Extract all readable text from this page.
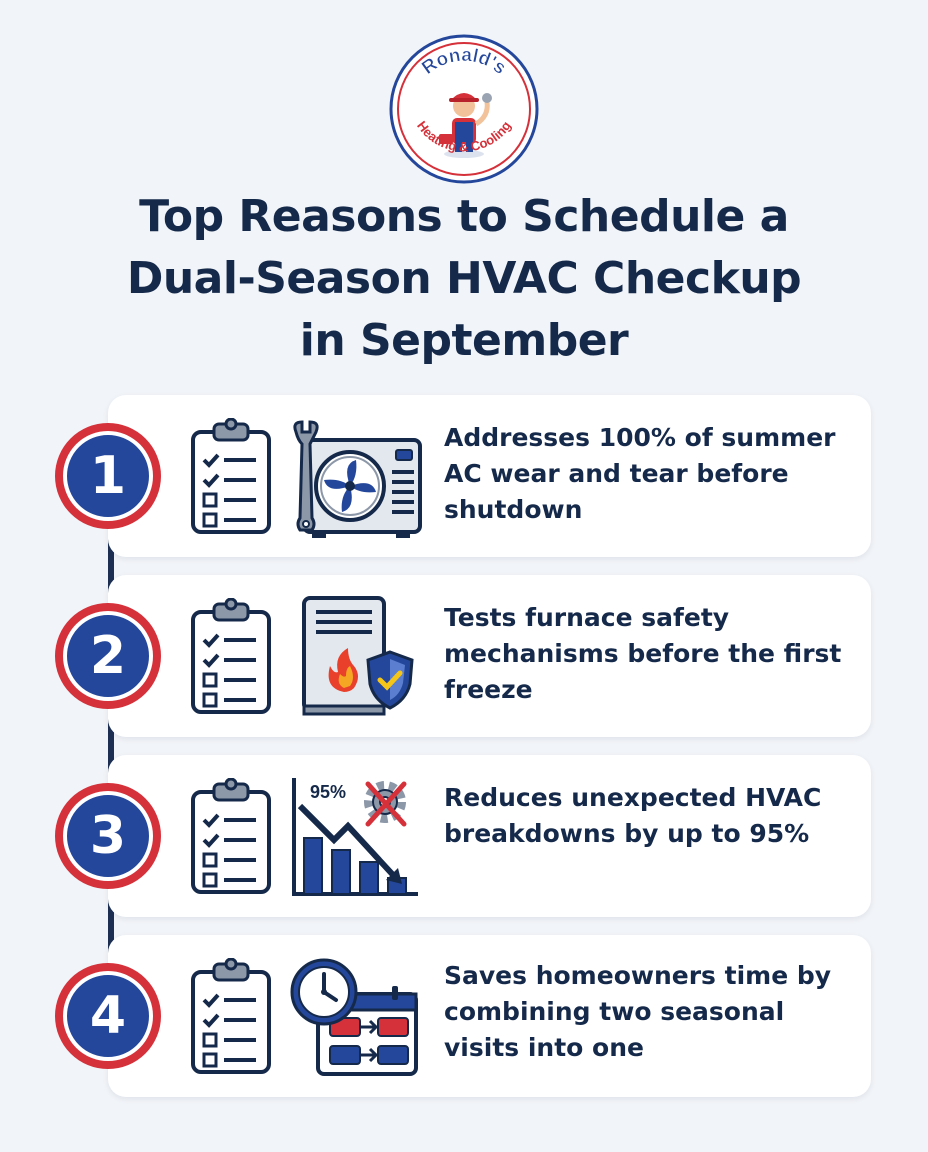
Ronald's
Heating & Cooling
Top Reasons to Schedule a
Dual-Season HVAC Checkup
in September
1
2
3
4
95%
Addresses 100% of summer AC wear and tear before shutdown
Tests furnace safety mechanisms before the first freeze
Reduces unexpected HVAC breakdowns by up to 95%
Saves homeowners time by combining two seasonal visits into one
